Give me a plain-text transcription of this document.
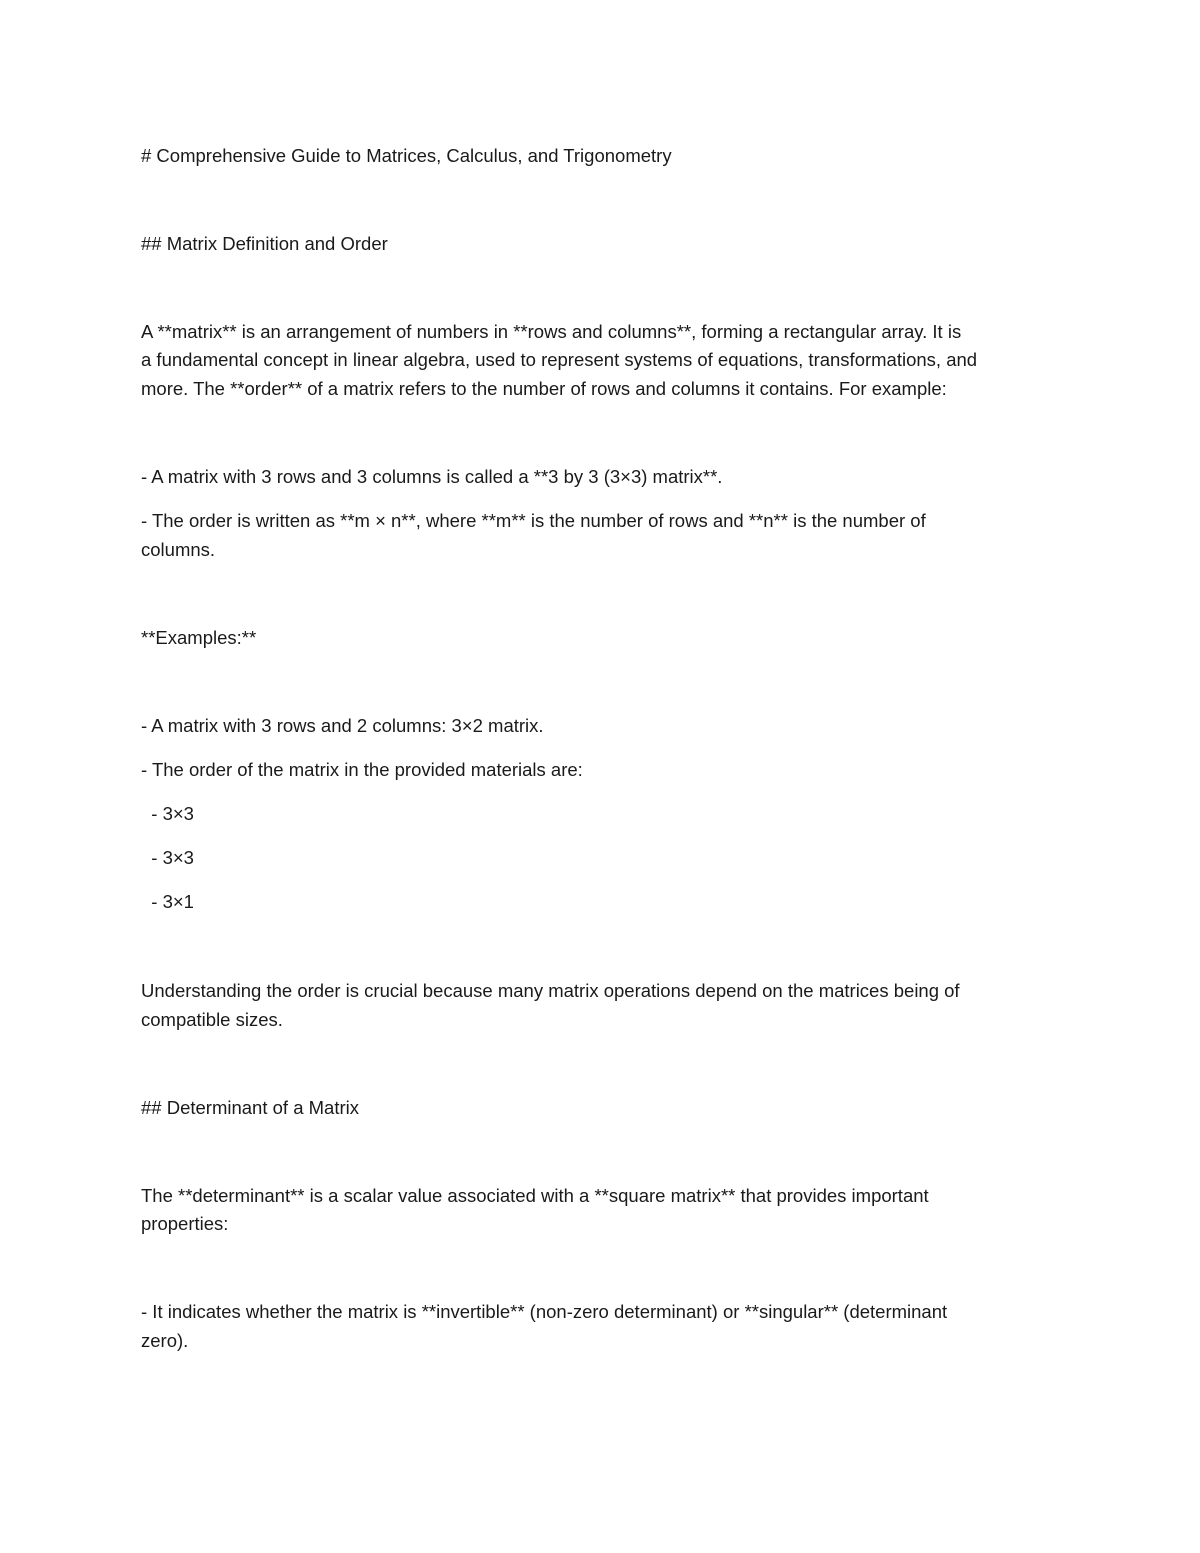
# Comprehensive Guide to Matrices, Calculus, and Trigonometry
## Matrix Definition and Order
A **matrix** is an arrangement of numbers in **rows and columns**, forming a rectangular array. It is
a fundamental concept in linear algebra, used to represent systems of equations, transformations, and
more. The **order** of a matrix refers to the number of rows and columns it contains. For example:
- A matrix with 3 rows and 3 columns is called a **3 by 3 (3×3) matrix**.
- The order is written as **m × n**, where **m** is the number of rows and **n** is the number of
columns.
**Examples:**
- A matrix with 3 rows and 2 columns: 3×2 matrix.
- The order of the matrix in the provided materials are:
- 3×3
- 3×3
- 3×1
Understanding the order is crucial because many matrix operations depend on the matrices being of
compatible sizes.
## Determinant of a Matrix
The **determinant** is a scalar value associated with a **square matrix** that provides important
properties:
- It indicates whether the matrix is **invertible** (non-zero determinant) or **singular** (determinant
zero).
